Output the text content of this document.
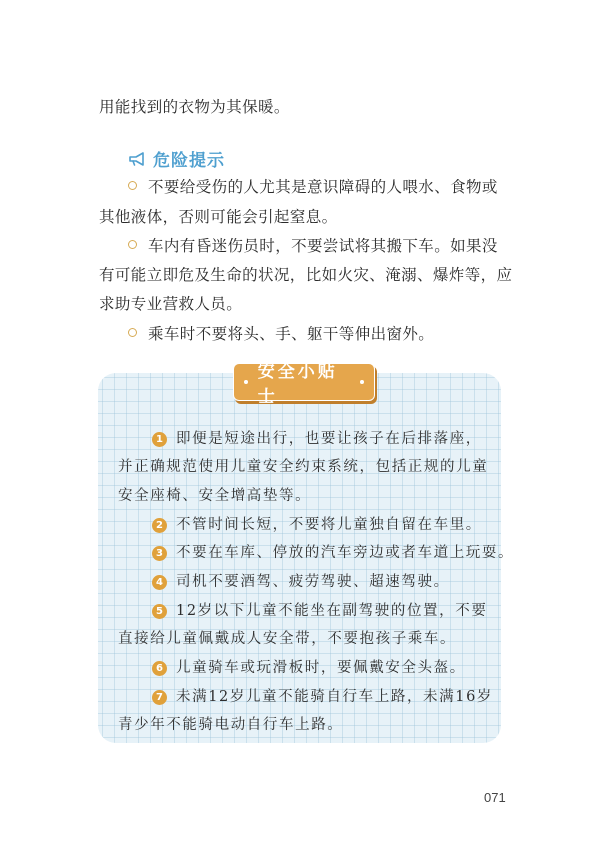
用能找到的衣物为其保暖。
危险提示
不要给受伤的人尤其是意识障碍的人喂水、食物或
其他液体，否则可能会引起窒息。
车内有昏迷伤员时，不要尝试将其搬下车。如果没
有可能立即危及生命的状况，比如火灾、淹溺、爆炸等，应
求助专业营救人员。
乘车时不要将头、手、躯干等伸出窗外。
安全小贴士
1 即便是短途出行，也要让孩子在后排落座，
并正确规范使用儿童安全约束系统，包括正规的儿童
安全座椅、安全增高垫等。
2 不管时间长短，不要将儿童独自留在车里。
3 不要在车库、停放的汽车旁边或者车道上玩耍。
4 司机不要酒驾、疲劳驾驶、超速驾驶。
5 12岁以下儿童不能坐在副驾驶的位置，不要
直接给儿童佩戴成人安全带，不要抱孩子乘车。
6 儿童骑车或玩滑板时，要佩戴安全头盔。
7 未满12岁儿童不能骑自行车上路，未满16岁
青少年不能骑电动自行车上路。
071
